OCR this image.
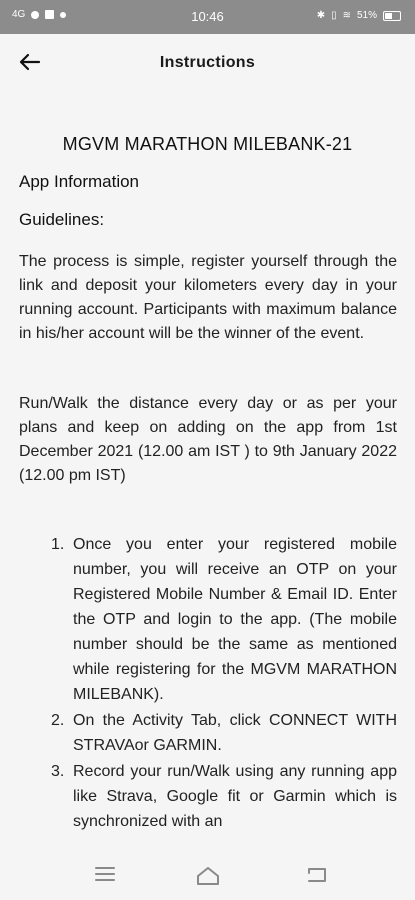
4G	10:46	✱ ▯ ≋ 51%
Instructions
MGVM MARATHON MILEBANK-21
App Information
Guidelines:

The process is simple, register yourself through the link and deposit your kilometers every day in your running account. Participants with maximum balance in his/her account will be the winner of the event.

Run/Walk the distance every day or as per your plans and keep on adding on the app from 1st December 2021 (12.00 am IST ) to 9th January 2022 (12.00 pm IST)

1. Once you enter your registered mobile number, you will receive an OTP on your Registered Mobile Number & Email ID. Enter the OTP and login to the app. (The mobile number should be the same as mentioned while registering for the MGVM MARATHON MILEBANK).
2. On the Activity Tab, click CONNECT WITH STRAVAor GARMIN.
3. Record your run/Walk using any running app like Strava, Google fit or Garmin which is synchronized with an
